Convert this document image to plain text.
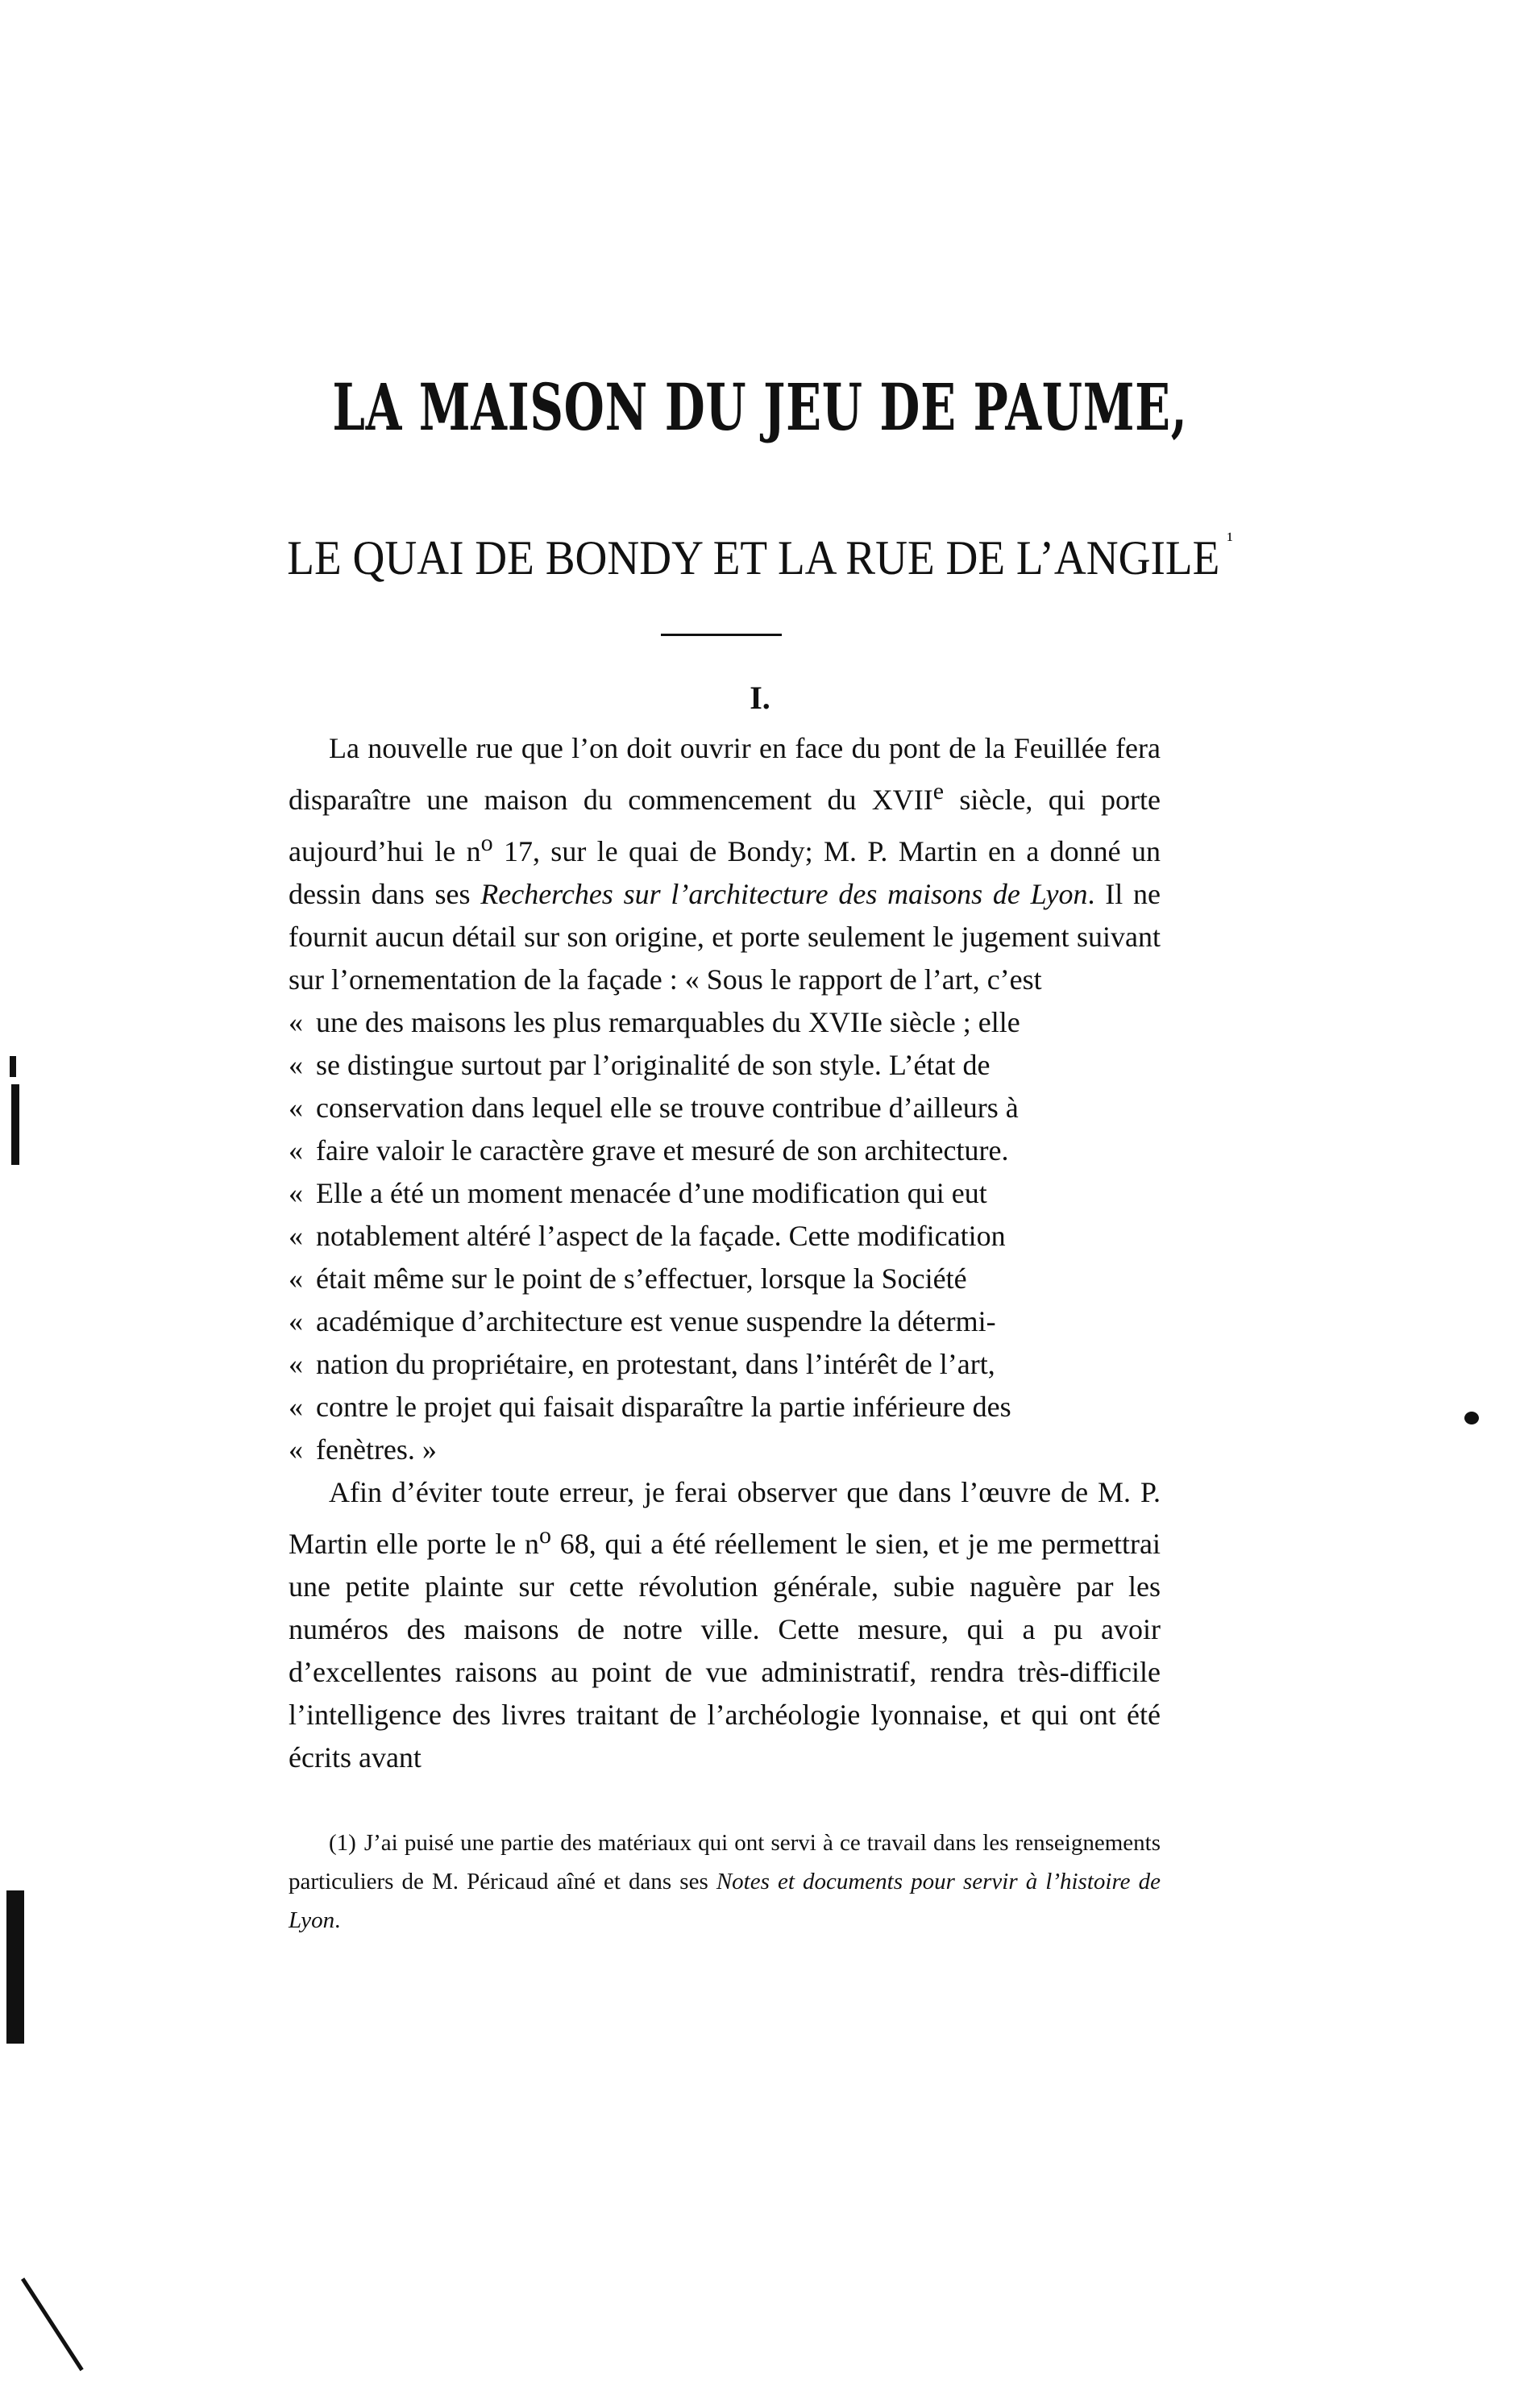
LA MAISON DU JEU DE PAUME,
LE QUAI DE BONDY ET LA RUE DE L’ANGILE $^{^1}$
I.

La nouvelle rue que l’on doit ouvrir en face du pont de la Feuillée fera disparaître une maison du commencement du XVIIe siècle, qui porte aujourd’hui le $n^o$ 17, sur le quai de Bondy; M. P. Martin en a donné un dessin dans ses Recherches sur l’architecture des maisons de Lyon. Il ne fournit aucun détail sur son origine, et porte seulement le jugement suivant sur l’ornementation de la façade : « Sous le rapport de l’art, c’est

« une des maisons les plus remarquables du XVIIe siècle ; elle

« se distingue surtout par l’originalité de son style. L’état de

« conservation dans lequel elle se trouve contribue d’ailleurs à

« faire valoir le caractère grave et mesuré de son architecture.

« Elle a été un moment menacée d’une modification qui eut

« notablement altéré l’aspect de la façade. Cette modification

« était même sur le point de s’effectuer, lorsque la Société

« académique d’architecture est venue suspendre la détermi-

« nation du propriétaire, en protestant, dans l’intérêt de l’art,

« contre le projet qui faisait disparaître la partie inférieure des

« fenètres. »

Afin d’éviter toute erreur, je ferai observer que dans l’œuvre de M. P. Martin elle porte le $n^o$ 68, qui a été réellement le sien, et je me permettrai une petite plainte sur cette révolution générale, subie naguère par les numéros des maisons de notre ville. Cette mesure, qui a pu avoir d’excellentes raisons au point de vue administratif, rendra très-difficile l’intelligence des livres traitant de l’archéologie lyonnaise, et qui ont été écrits avant

(1) J’ai puisé une partie des matériaux qui ont servi à ce travail dans les renseignements particuliers de M. Péricaud aîné et dans ses Notes et documents pour servir à l’histoire de Lyon.
